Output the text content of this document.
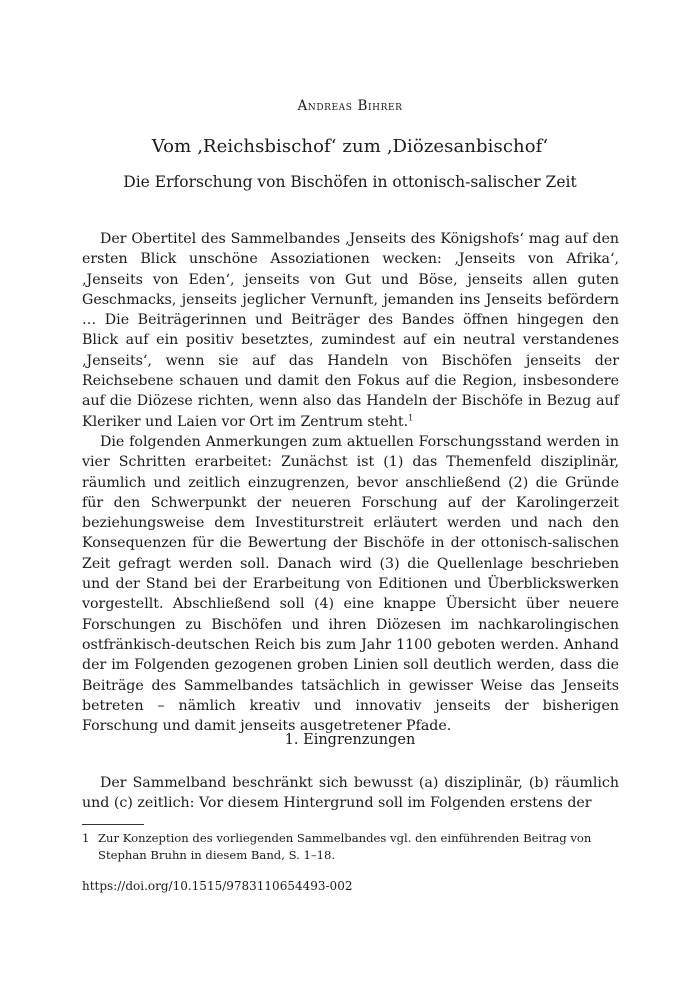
Andreas Bihrer
Vom ‚Reichsbischof‘ zum ‚Diözesanbischof‘
Die Erforschung von Bischöfen in ottonisch-salischer Zeit

Der Obertitel des Sammelbandes ‚Jenseits des Königshofs‘ mag auf den ersten Blick unschöne Assoziationen wecken: ‚Jenseits von Afrika‘, ‚Jenseits von Eden‘, jenseits von Gut und Böse, jenseits allen guten Geschmacks, jenseits jeglicher Vernunft, jemanden ins Jenseits befördern … Die Beiträgerinnen und Beiträger des Bandes öffnen hingegen den Blick auf ein positiv besetztes, zumindest auf ein neutral verstandenes ‚Jenseits‘, wenn sie auf das Handeln von Bischöfen jenseits der Reichsebene schauen und damit den Fokus auf die Region, insbesondere auf die Diözese richten, wenn also das Handeln der Bischöfe in Bezug auf Kleriker und Laien vor Ort im Zentrum steht.$^1$

Die folgenden Anmerkungen zum aktuellen Forschungsstand werden in vier Schritten erarbeitet: Zunächst ist (1) das Themenfeld disziplinär, räumlich und zeitlich einzugrenzen, bevor anschließend (2) die Gründe für den Schwerpunkt der neueren Forschung auf der Karolingerzeit beziehungsweise dem Investiturstreit erläutert werden und nach den Konsequenzen für die Bewertung der Bischöfe in der ottonisch-salischen Zeit gefragt werden soll. Danach wird (3) die Quellenlage beschrieben und der Stand bei der Erarbeitung von Editionen und Überblickswerken vorgestellt. Abschließend soll (4) eine knappe Übersicht über neuere Forschungen zu Bischöfen und ihren Diözesen im nachkarolingischen ostfränkisch-deutschen Reich bis zum Jahr 1100 geboten werden. Anhand der im Folgenden gezogenen groben Linien soll deutlich werden, dass die Beiträge des Sammelbandes tatsächlich in gewisser Weise das Jenseits betreten – nämlich kreativ und innovativ jenseits der bisherigen Forschung und damit jenseits ausgetretener Pfade.

1. Eingrenzungen

Der Sammelband beschränkt sich bewusst (a) disziplinär, (b) räumlich und (c) zeitlich: Vor diesem Hintergrund soll im Folgenden erstens der

1 Zur Konzeption des vorliegenden Sammelbandes vgl. den einführenden Beitrag von Stephan Bruhn in diesem Band, S. 1–18.
https://doi.org/10.1515/9783110654493-002
